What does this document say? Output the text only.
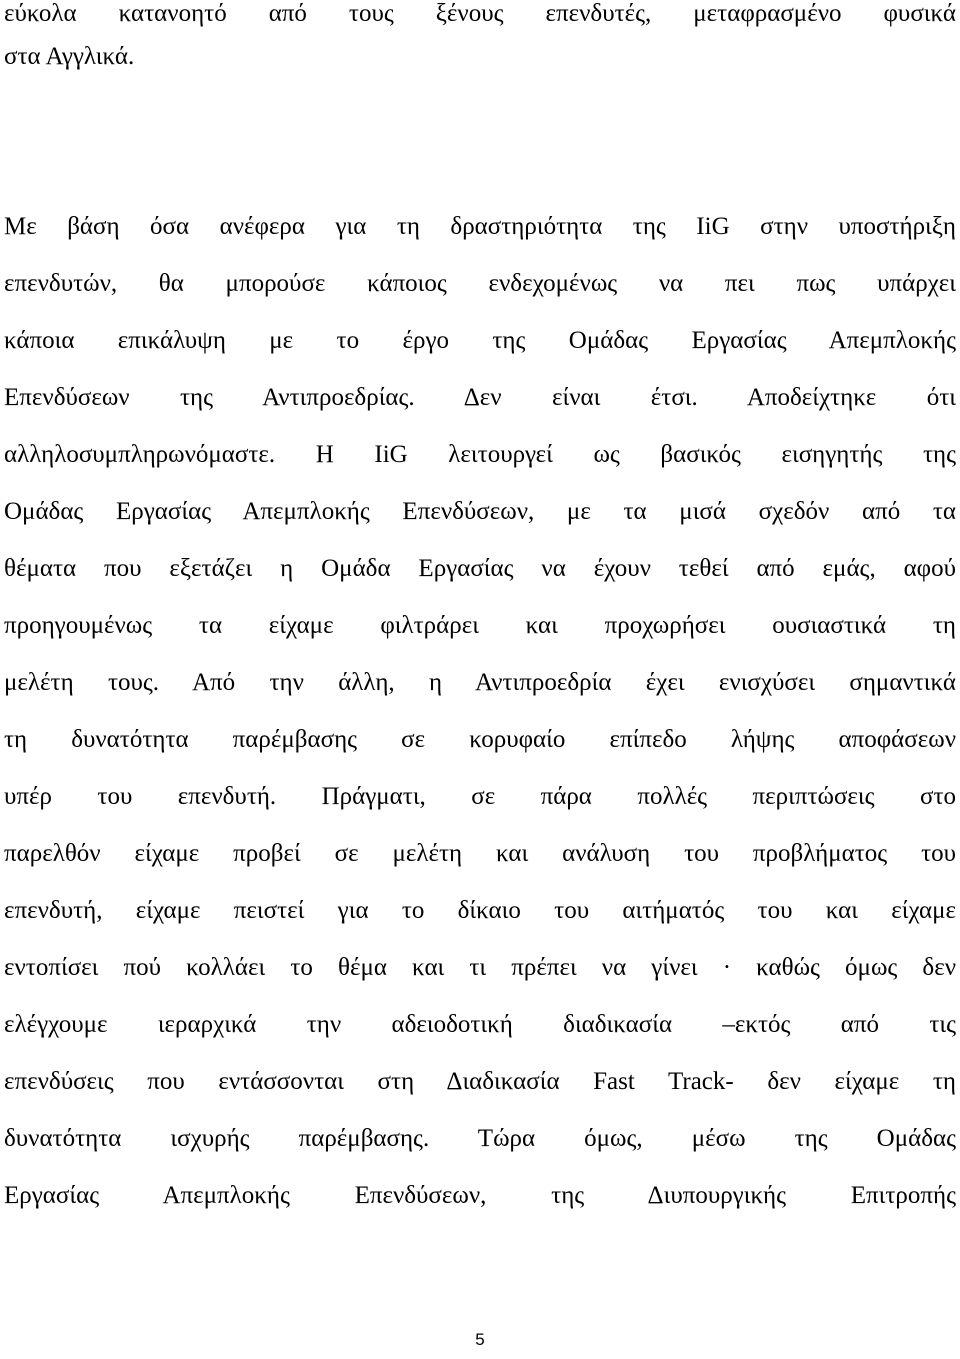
εύκολα κατανοητό από τους ξένους επενδυτές, μεταφρασμένο φυσικά
στα Αγγλικά.
Με βάση όσα ανέφερα για τη δραστηριότητα της IiG στην υποστήριξη
επενδυτών, θα μπορούσε κάποιος ενδεχομένως να πει πως υπάρχει
κάποια επικάλυψη με το έργο της Ομάδας Εργασίας Απεμπλοκής
Επενδύσεων της Αντιπροεδρίας. Δεν είναι έτσι. Αποδείχτηκε ότι
αλληλοσυμπληρωνόμαστε. Η IiG λειτουργεί ως βασικός εισηγητής της
Ομάδας Εργασίας Απεμπλοκής Επενδύσεων, με τα μισά σχεδόν από τα
θέματα που εξετάζει η Ομάδα Εργασίας να έχουν τεθεί από εμάς, αφού
προηγουμένως τα είχαμε φιλτράρει και προχωρήσει ουσιαστικά τη
μελέτη τους. Από την άλλη, η Αντιπροεδρία έχει ενισχύσει σημαντικά
τη δυνατότητα παρέμβασης σε κορυφαίο επίπεδο λήψης αποφάσεων
υπέρ του επενδυτή. Πράγματι, σε πάρα πολλές περιπτώσεις στο
παρελθόν είχαμε προβεί σε μελέτη και ανάλυση του προβλήματος του
επενδυτή, είχαμε πειστεί για το δίκαιο του αιτήματός του και είχαμε
εντοπίσει πού κολλάει το θέμα και τι πρέπει να γίνει · καθώς όμως δεν
ελέγχουμε ιεραρχικά την αδειοδοτική διαδικασία –εκτός από τις
επενδύσεις που εντάσσονται στη Διαδικασία Fast Track- δεν είχαμε τη
δυνατότητα ισχυρής παρέμβασης. Τώρα όμως, μέσω της Ομάδας
Εργασίας Απεμπλοκής Επενδύσεων, της Διυπουργικής Επιτροπής
5
